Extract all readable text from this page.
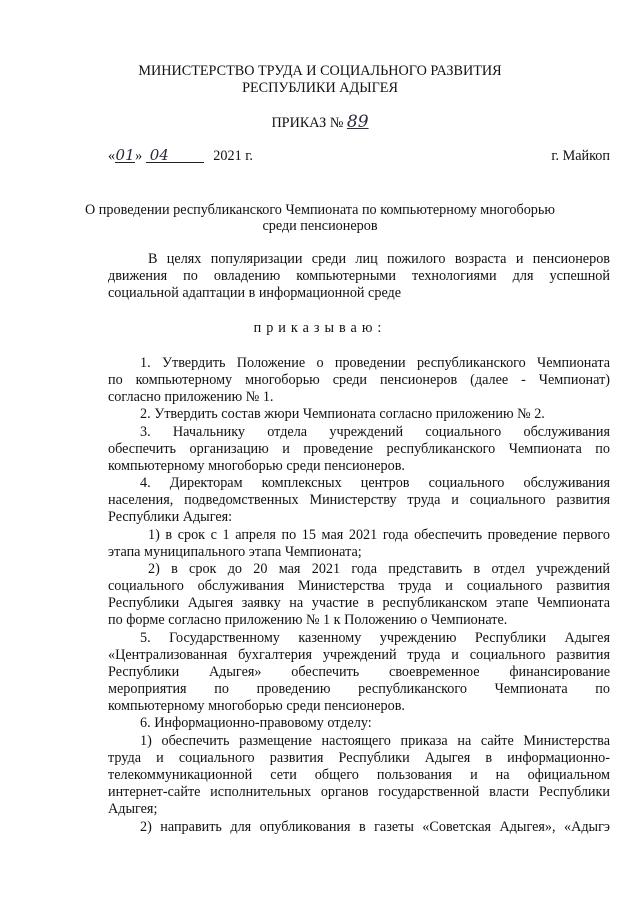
МИНИСТЕРСТВО ТРУДА И СОЦИАЛЬНОГО РАЗВИТИЯ
РЕСПУБЛИКИ АДЫГЕЯ
ПРИКАЗ № 89
«01» 04	2021 г.	г. Майкоп
О проведении республиканского Чемпионата по компьютерному многоборью
среди пенсионеров
В целях популяризации среди лиц пожилого возраста и пенсионеров
движения по овладению компьютерными технологиями для успешной
социальной адаптации в информационной среде
приказываю:
1. Утвердить Положение о проведении республиканского Чемпионата
по компьютерному многоборью среди пенсионеров (далее - Чемпионат)
согласно приложению № 1.
2. Утвердить состав жюри Чемпионата согласно приложению № 2.
3. Начальнику отдела учреждений социального обслуживания
обеспечить организацию и проведение республиканского Чемпионата по
компьютерному многоборью среди пенсионеров.
4. Директорам комплексных центров социального обслуживания
населения, подведомственных Министерству труда и социального развития
Республики Адыгея:
1) в срок с 1 апреля по 15 мая 2021 года обеспечить проведение первого
этапа муниципального этапа Чемпионата;
2) в срок до 20 мая 2021 года представить в отдел учреждений
социального обслуживания Министерства труда и социального развития
Республики Адыгея заявку на участие в республиканском этапе Чемпионата
по форме согласно приложению № 1 к Положению о Чемпионате.
5. Государственному казенному учреждению Республики Адыгея
«Централизованная бухгалтерия учреждений труда и социального развития
Республики Адыгея» обеспечить своевременное финансирование
мероприятия по проведению республиканского Чемпионата по
компьютерному многоборью среди пенсионеров.
6. Информационно-правовому отделу:
1) обеспечить размещение настоящего приказа на сайте Министерства
труда и социального развития Республики Адыгея в информационно-
телекоммуникационной сети общего пользования и на официальном
интернет-сайте исполнительных органов государственной власти Республики
Адыгея;
2) направить для опубликования в газеты «Советская Адыгея», «Адыгэ
